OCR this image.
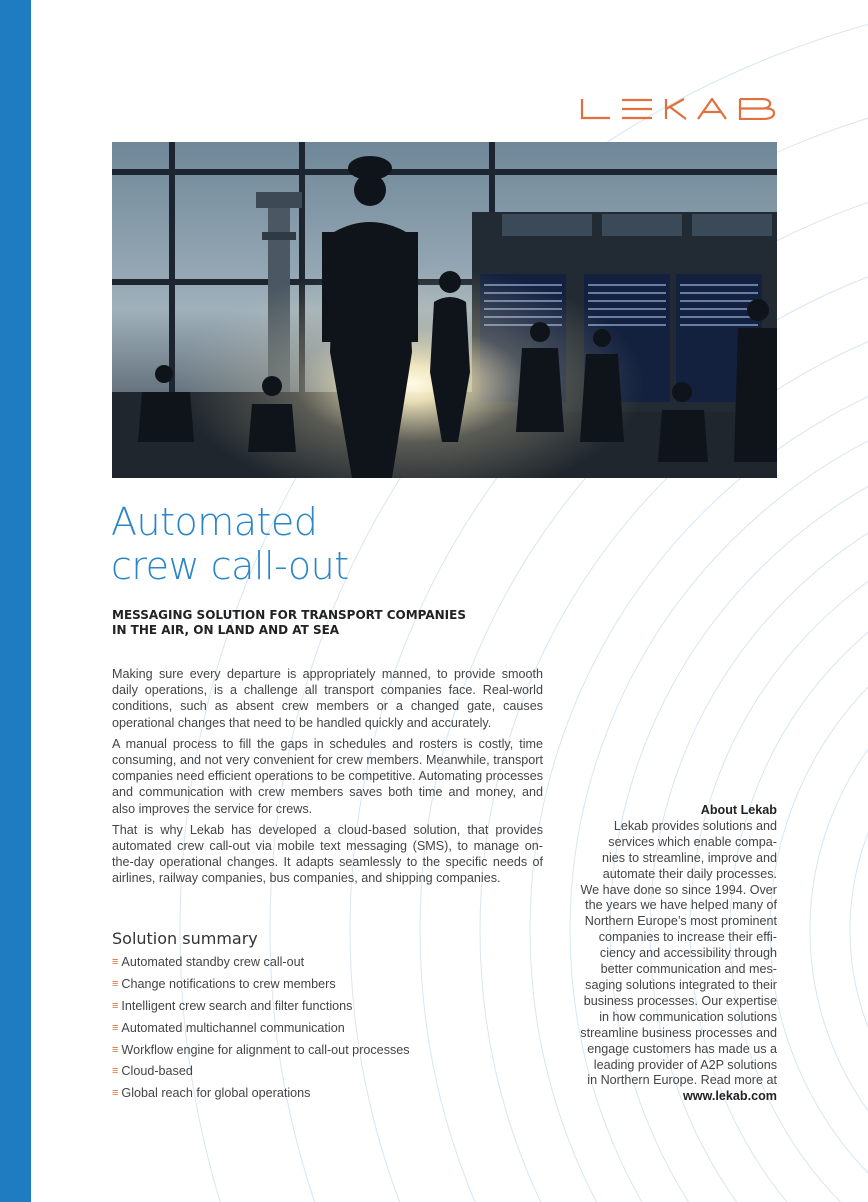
Automated
crew call-out
MESSAGING SOLUTION FOR TRANSPORT COMPANIES
IN THE AIR, ON LAND AND AT SEA

Making sure every departure is appropriately manned, to provide smooth daily operations, is a challenge all transport companies face. Real-world conditions, such as absent crew members or a changed gate, causes operational changes that need to be handled quickly and accurately.

A manual process to fill the gaps in schedules and rosters is costly, time consuming, and not very convenient for crew members. Meanwhile, transport companies need efficient operations to be competitive. Automating processes and communication with crew members saves both time and money, and also improves the service for crews.

That is why Lekab has developed a cloud-based solution, that provides automated crew call-out via mobile text messaging (SMS), to manage on-the-day operational changes. It adapts seamlessly to the specific needs of airlines, railway companies, bus companies, and shipping companies.

Solution summary
≡ Automated standby crew call-out
≡ Change notifications to crew members
≡ Intelligent crew search and filter functions
≡ Automated multichannel communication
≡ Workflow engine for alignment to call-out processes
≡ Cloud-based
≡ Global reach for global operations
About Lekab
Lekab provides solutions and
services which enable compa-
nies to streamline, improve and
automate their daily processes.
We have done so since 1994. Over
the years we have helped many of
Northern Europe’s most prominent
companies to increase their effi-
ciency and accessibility through
better communication and mes-
saging solutions integrated to their
business processes. Our expertise
in how communication solutions
streamline business processes and
engage customers has made us a
leading provider of A2P solutions
in Northern Europe. Read more at
www.lekab.com
